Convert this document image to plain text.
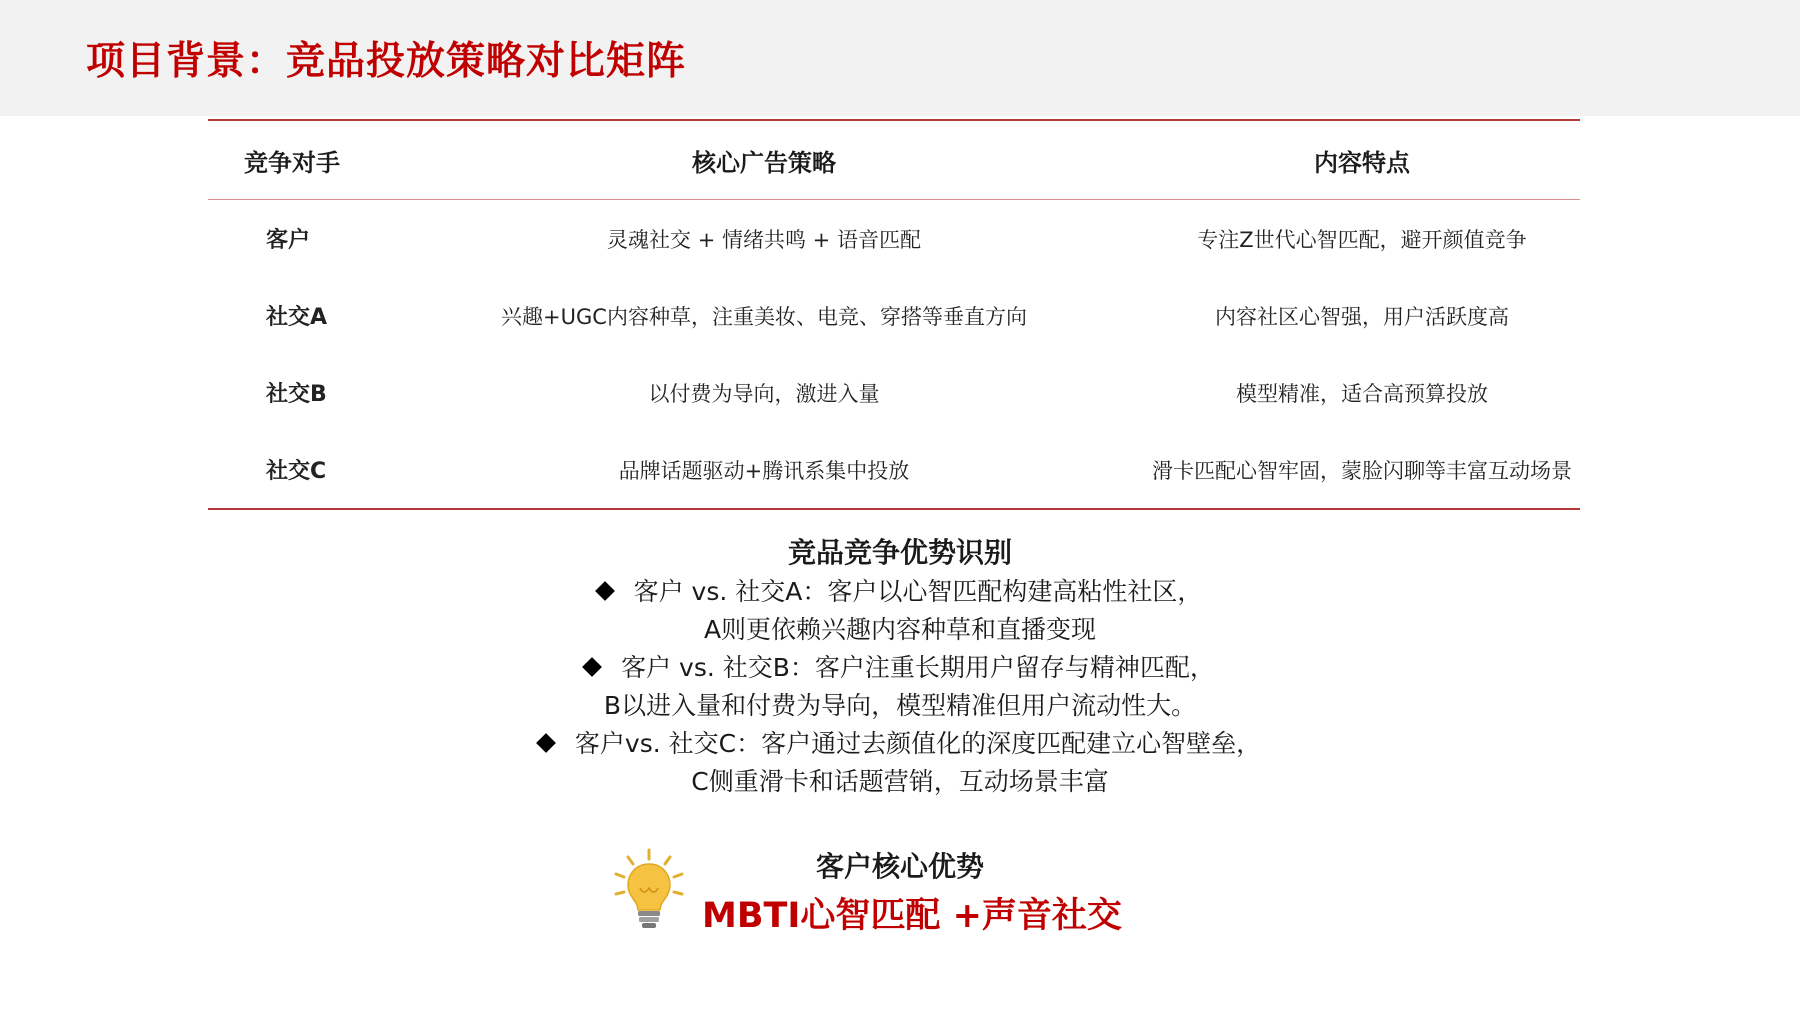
项目背景：竞品投放策略对比矩阵
竞争对手	核心广告策略	内容特点
客户	灵魂社交 + 情绪共鸣 + 语音匹配	专注Z世代心智匹配，避开颜值竞争
社交A	兴趣+UGC内容种草，注重美妆、电竞、穿搭等垂直方向	内容社区心智强，用户活跃度高
社交B	以付费为导向，激进入量	模型精准，适合高预算投放
社交C	品牌话题驱动+腾讯系集中投放	滑卡匹配心智牢固，蒙脸闪聊等丰富互动场景
竞品竞争优势识别
客户 vs. 社交A：客户以心智匹配构建高粘性社区，
A则更依赖兴趣内容种草和直播变现
客户 vs. 社交B：客户注重长期用户留存与精神匹配，
B以进入量和付费为导向，模型精准但用户流动性大。
客户vs. 社交C：客户通过去颜值化的深度匹配建立心智壁垒，
C侧重滑卡和话题营销，互动场景丰富
客户核心优势
MBTI心智匹配 +声音社交
